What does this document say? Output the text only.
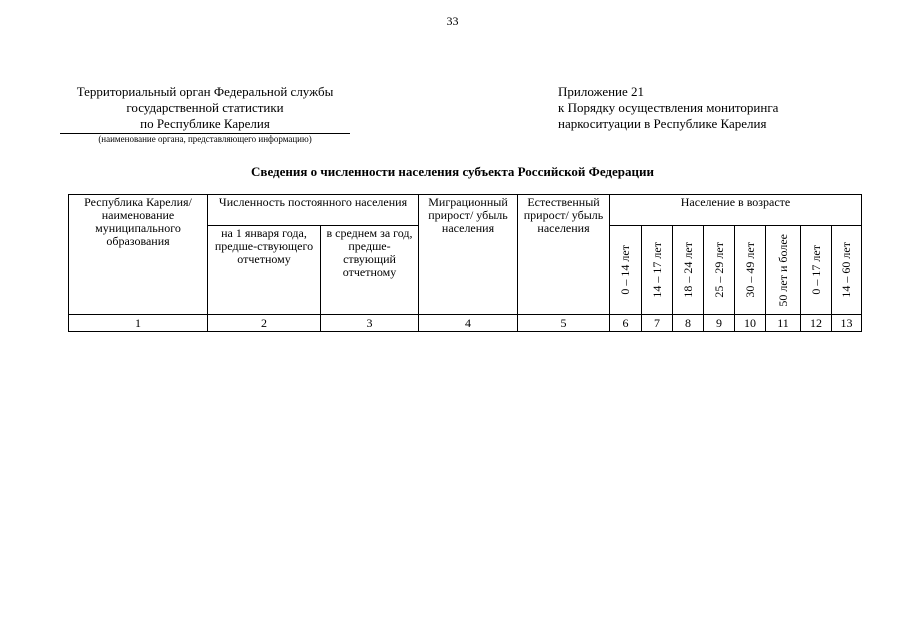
33
Территориальный орган Федеральной службы
государственной статистики
по Республике Карелия
(наименование органа, представляющего информацию)
Приложение 21
к Порядку осуществления мониторинга
наркоситуации в Республике Карелия
Сведения о численности населения субъекта Российской Федерации
Республика Карелия/ наименование муниципального образования	Численность постоянного населения		Миграционный прирост/ убыль населения	Естественный прирост/ убыль населения	Население в возрасте							
	на 1 января года, предше-ствующего отчетному	в среднем за год, предше-ствующий отчетному			0 – 14 лет	14 – 17 лет	18 – 24 лет	25 – 29 лет	30 – 49 лет	50 лет и более	0 – 17 лет	14 – 60 лет

1	2	3	4	5	6	7	8	9	10	11	12	13
